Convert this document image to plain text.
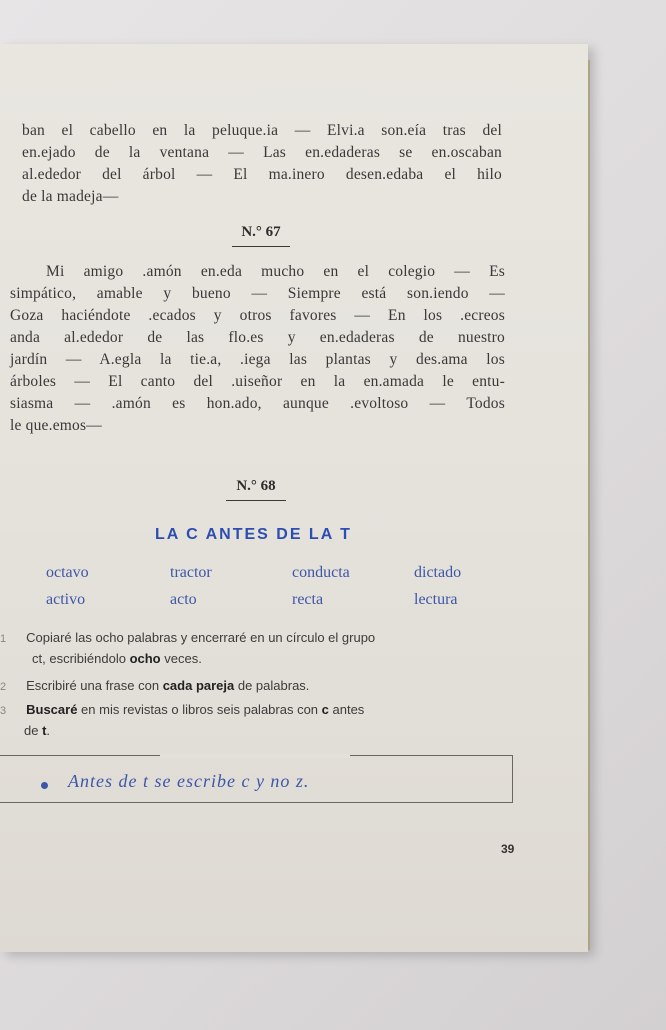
ban el cabello en la peluque.ia — Elvi.a son.eía tras del
en.ejado de la ventana — Las en.edaderas se en.oscaban
al.ededor del árbol — El ma.inero desen.edaba el hilo
de la madeja—
N.° 67
Mi amigo .amón en.eda mucho en el colegio — Es
simpático, amable y bueno — Siempre está son.iendo —
Goza haciéndote .ecados y otros favores — En los .ecreos
anda al.ededor de las flo.es y en.edaderas de nuestro
jardín — A.egla la tie.a, .iega las plantas y des.ama los
árboles — El canto del .uiseñor en la en.amada le entu-
siasma — .amón es hon.ado, aunque .evoltoso — Todos
le que.emos—
N.° 68
LA C ANTES DE LA T
octavo	tractor	conducta	dictado
activo	acto	recta	lectura
1 Copiaré las ocho palabras y encerraré en un círculo el grupo
ct, escribiéndolo ocho veces.
2 Escribiré una frase con cada pareja de palabras.
3 Buscaré en mis revistas o libros seis palabras con c antes
de t.
Antes de t se escribe c y no z.
39
